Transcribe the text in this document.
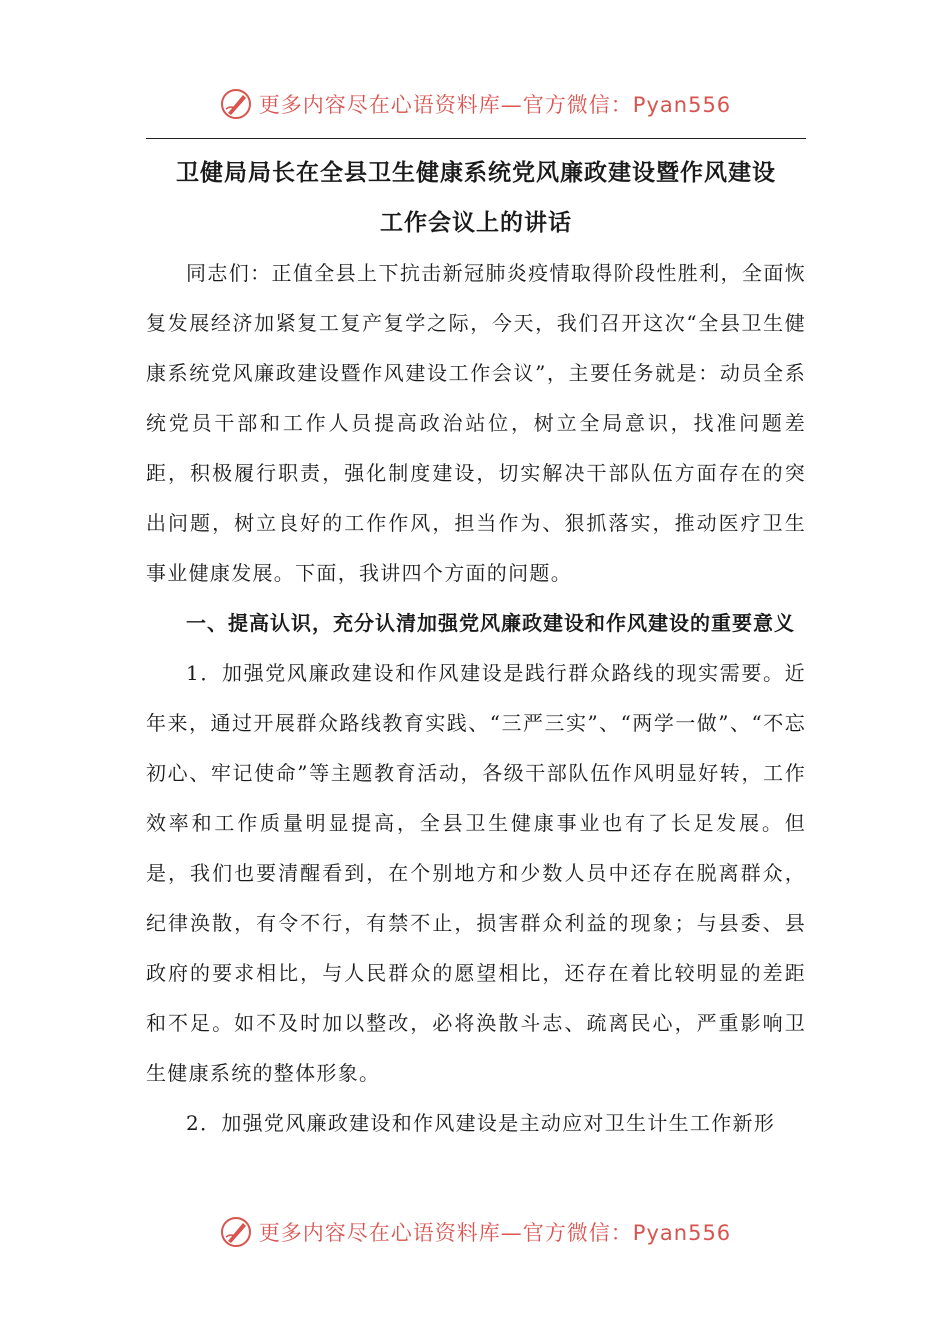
更多内容尽在心语资料库—官方微信：Pyan556

卫健局局长在全县卫生健康系统党风廉政建设暨作风建设

工作会议上的讲话

同志们：正值全县上下抗击新冠肺炎疫情取得阶段性胜利，全面恢复发展经济加紧复工复产复学之际，今天，我们召开这次“全县卫生健康系统党风廉政建设暨作风建设工作会议”，主要任务就是：动员全系统党员干部和工作人员提高政治站位，树立全局意识，找准问题差距，积极履行职责，强化制度建设，切实解决干部队伍方面存在的突出问题，树立良好的工作作风，担当作为、狠抓落实，推动医疗卫生事业健康发展。下面，我讲四个方面的问题。

一、提高认识，充分认清加强党风廉政建设和作风建设的重要意义

1．加强党风廉政建设和作风建设是践行群众路线的现实需要。近年来，通过开展群众路线教育实践、“三严三实”、“两学一做”、“不忘初心、牢记使命”等主题教育活动，各级干部队伍作风明显好转，工作效率和工作质量明显提高，全县卫生健康事业也有了长足发展。但是，我们也要清醒看到，在个别地方和少数人员中还存在脱离群众，纪律涣散，有令不行，有禁不止，损害群众利益的现象；与县委、县政府的要求相比，与人民群众的愿望相比，还存在着比较明显的差距和不足。如不及时加以整改，必将涣散斗志、疏离民心，严重影响卫生健康系统的整体形象。

2．加强党风廉政建设和作风建设是主动应对卫生计生工作新形

更多内容尽在心语资料库—官方微信：Pyan556
